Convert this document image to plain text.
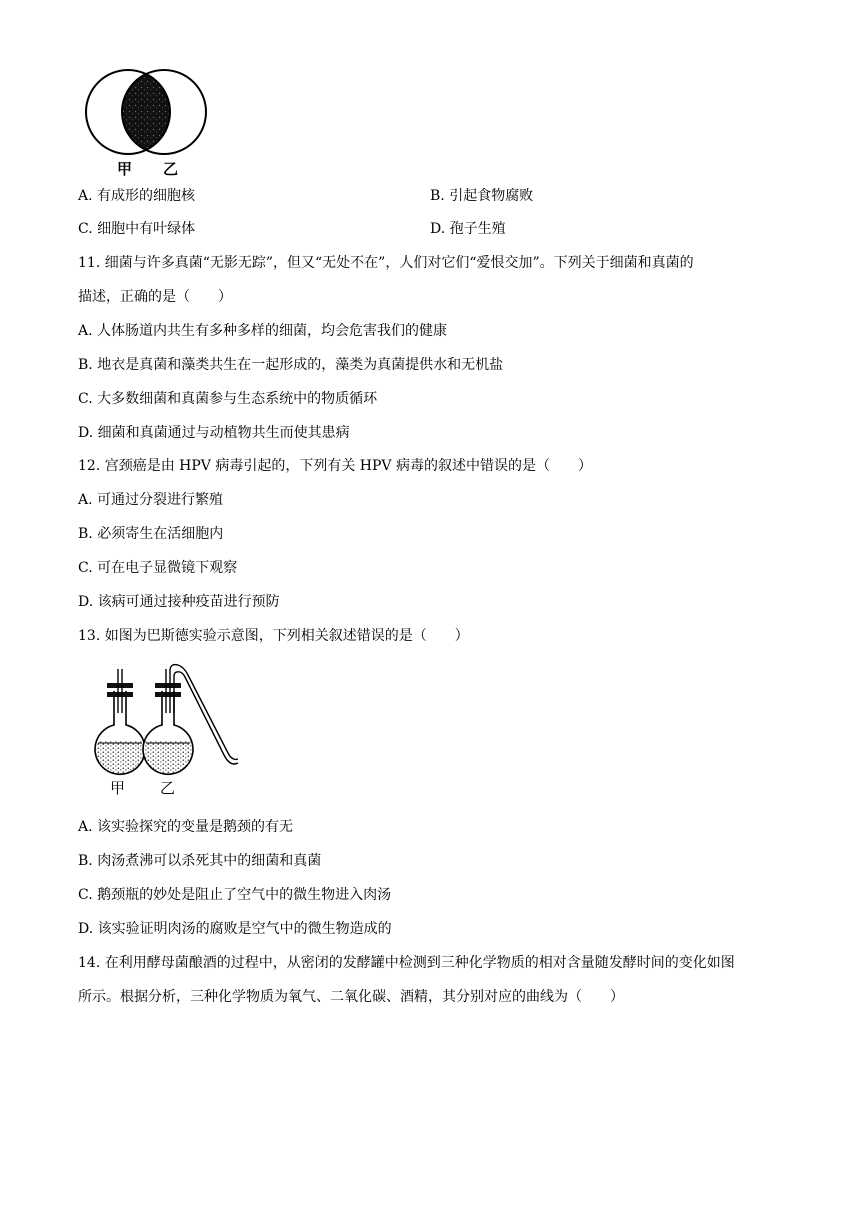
甲 乙
A. 有成形的细胞核	B. 引起食物腐败
C. 细胞中有叶绿体	D. 孢子生殖
11. 细菌与许多真菌“无影无踪”，但又“无处不在”，人们对它们“爱恨交加”。下列关于细菌和真菌的
描述，正确的是（　　）
A. 人体肠道内共生有多种多样的细菌，均会危害我们的健康
B. 地衣是真菌和藻类共生在一起形成的，藻类为真菌提供水和无机盐
C. 大多数细菌和真菌参与生态系统中的物质循环
D. 细菌和真菌通过与动植物共生而使其患病
12. 宫颈癌是由 HPV 病毒引起的，下列有关 HPV 病毒的叙述中错误的是（　　）
A. 可通过分裂进行繁殖
B. 必须寄生在活细胞内
C. 可在电子显微镜下观察
D. 该病可通过接种疫苗进行预防
13. 如图为巴斯德实验示意图，下列相关叙述错误的是（　　）
甲 乙
A. 该实验探究的变量是鹅颈的有无
B. 肉汤煮沸可以杀死其中的细菌和真菌
C. 鹅颈瓶的妙处是阻止了空气中的微生物进入肉汤
D. 该实验证明肉汤的腐败是空气中的微生物造成的
14. 在利用酵母菌酿酒的过程中，从密闭的发酵罐中检测到三种化学物质的相对含量随发酵时间的变化如图
所示。根据分析，三种化学物质为氧气、二氧化碳、酒精，其分别对应的曲线为（　　）
